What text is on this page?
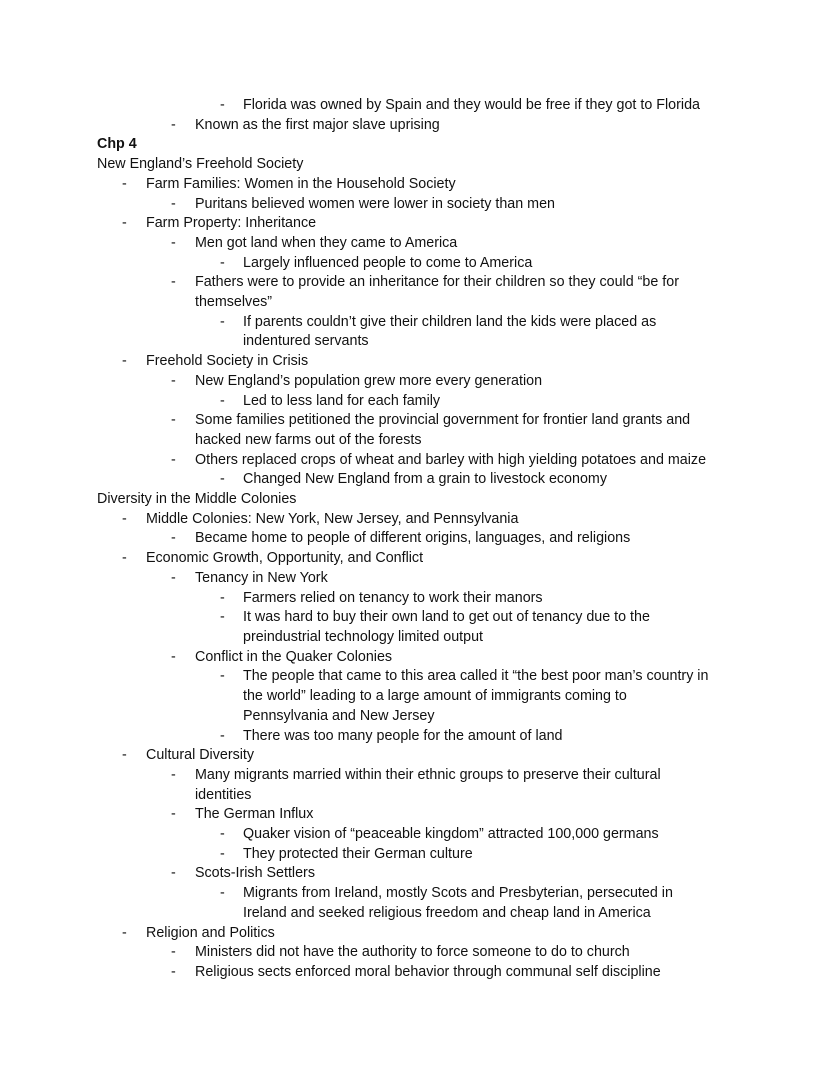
-	Florida was owned by Spain and they would be free if they got to Florida
-	Known as the first major slave uprising
Chp 4
New England’s Freehold Society
-	Farm Families: Women in the Household Society
-	Puritans believed women were lower in society than men
-	Farm Property: Inheritance
-	Men got land when they came to America
-	Largely influenced people to come to America
-	Fathers were to provide an inheritance for their children so they could “be for
themselves”
-	If parents couldn’t give their children land the kids were placed as
indentured servants
-	Freehold Society in Crisis
-	New England’s population grew more every generation
-	Led to less land for each family
-	Some families petitioned the provincial government for frontier land grants and
hacked new farms out of the forests
-	Others replaced crops of wheat and barley with high yielding potatoes and maize
-	Changed New England from a grain to livestock economy
Diversity in the Middle Colonies
-	Middle Colonies: New York, New Jersey, and Pennsylvania
-	Became home to people of different origins, languages, and religions
-	Economic Growth, Opportunity, and Conflict
-	Tenancy in New York
-	Farmers relied on tenancy to work their manors
-	It was hard to buy their own land to get out of tenancy due to the
preindustrial technology limited output
-	Conflict in the Quaker Colonies
-	The people that came to this area called it “the best poor man’s country in
the world” leading to a large amount of immigrants coming to
Pennsylvania and New Jersey
-	There was too many people for the amount of land
-	Cultural Diversity
-	Many migrants married within their ethnic groups to preserve their cultural
identities
-	The German Influx
-	Quaker vision of “peaceable kingdom” attracted 100,000 germans
-	They protected their German culture
-	Scots-Irish Settlers
-	Migrants from Ireland, mostly Scots and Presbyterian, persecuted in
Ireland and seeked religious freedom and cheap land in America
-	Religion and Politics
-	Ministers did not have the authority to force someone to do to church
-	Religious sects enforced moral behavior through communal self discipline
